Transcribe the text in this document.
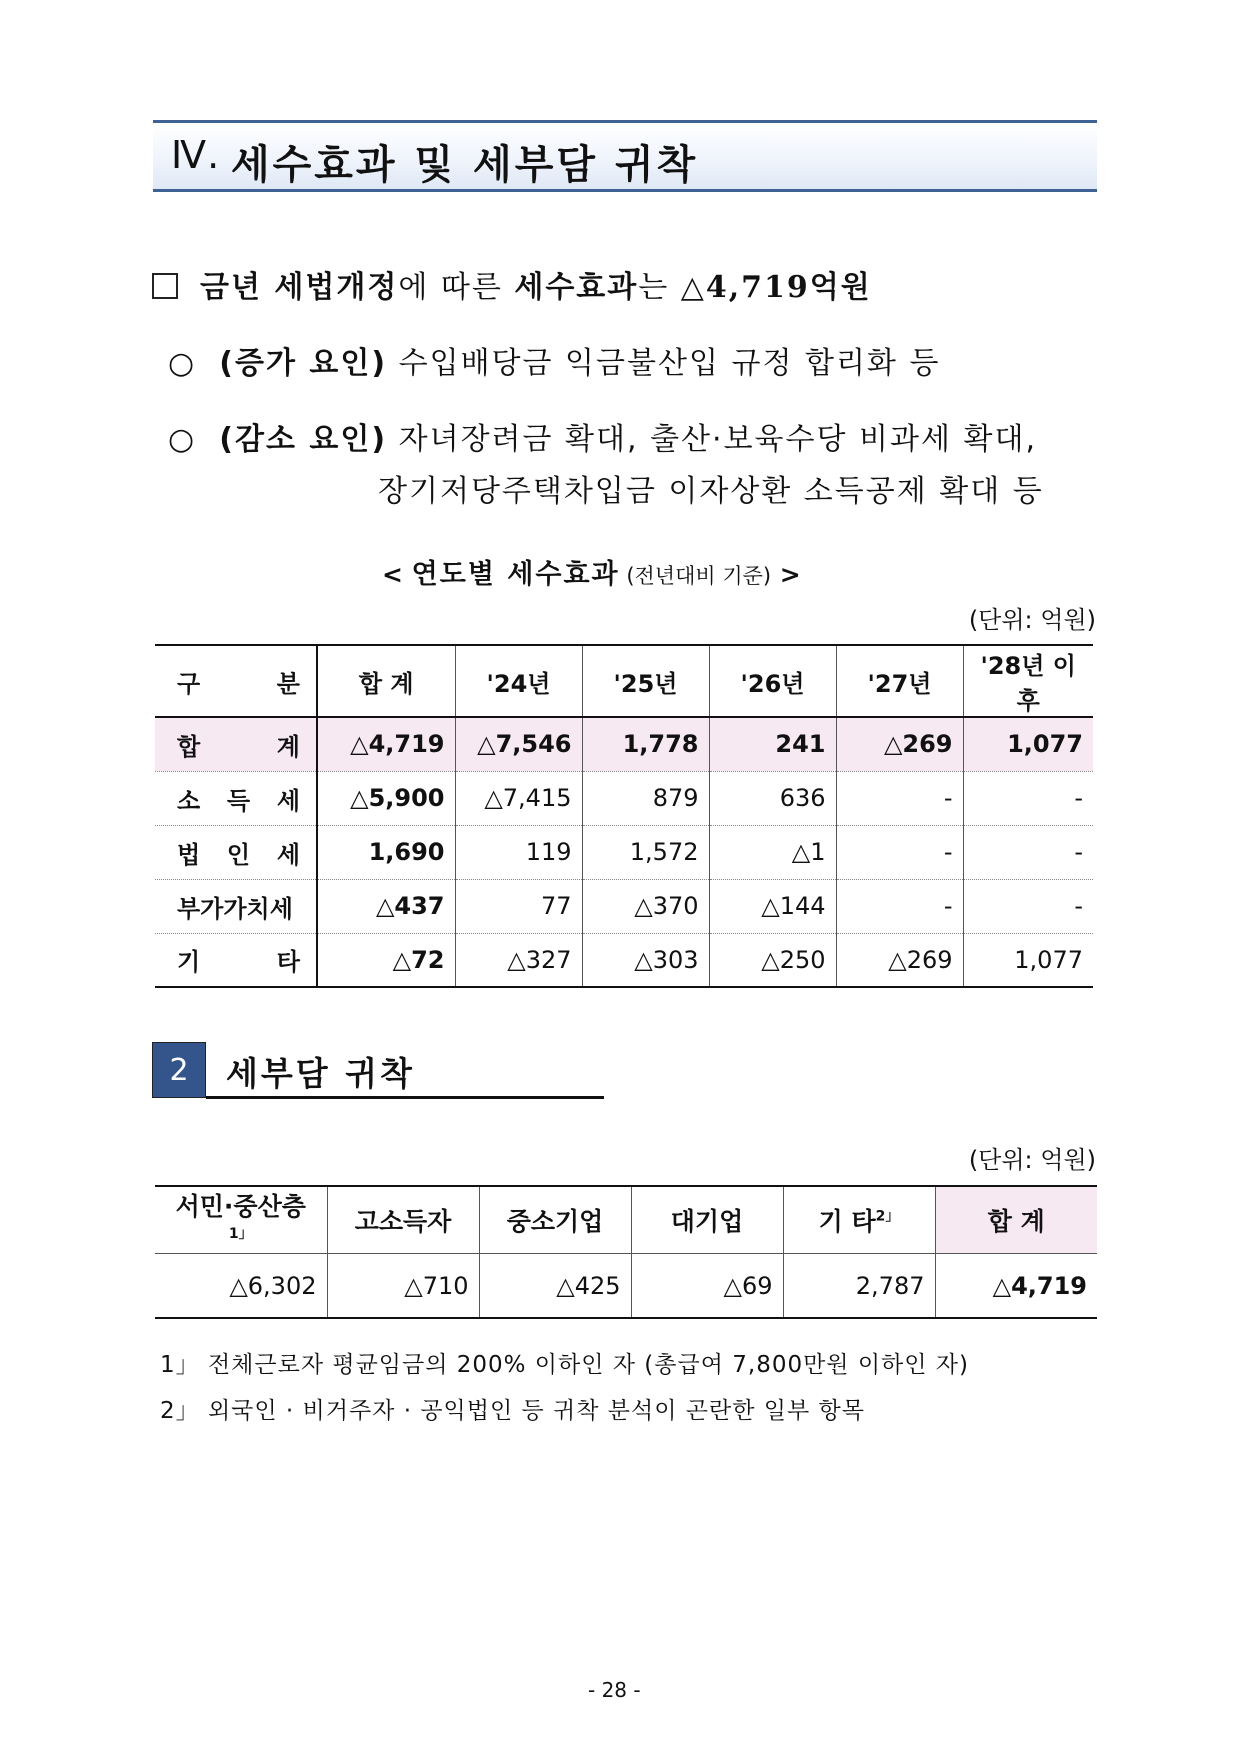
Ⅳ. 세수효과 및 세부담 귀착
금년 세법개정에 따른 세수효과는 △4,719억원
○ (증가 요인) 수입배당금 익금불산입 규정 합리화 등
○ (감소 요인) 자녀장려금 확대, 출산·보육수당 비과세 확대,
장기저당주택차입금 이자상환 소득공제 확대 등
< 연도별 세수효과 (전년대비 기준) >
(단위: 억원)
구 분	합 계	'24년	'25년	'26년	'27년	'28년 이후
합 계	△4,719	△7,546	1,778	241	△269	1,077
소 득 세	△5,900	△7,415	879	636	-	-
법 인 세	1,690	119	1,572	△1	-	-
부가가치세	△437	77	△370	△144	-	-
기 타	△72	△327	△303	△250	△269	1,077
2	세부담 귀착
(단위: 억원)
서민·중산층$^{1」}$	고소득자	중소기업	대기업	기 타$^{2」}$	합 계
△6,302	△710	△425	△69	2,787	△4,719
1」 전체근로자 평균임금의 200% 이하인 자 (총급여 7,800만원 이하인 자)
2」 외국인 · 비거주자 · 공익법인 등 귀착 분석이 곤란한 일부 항목
- 28 -
